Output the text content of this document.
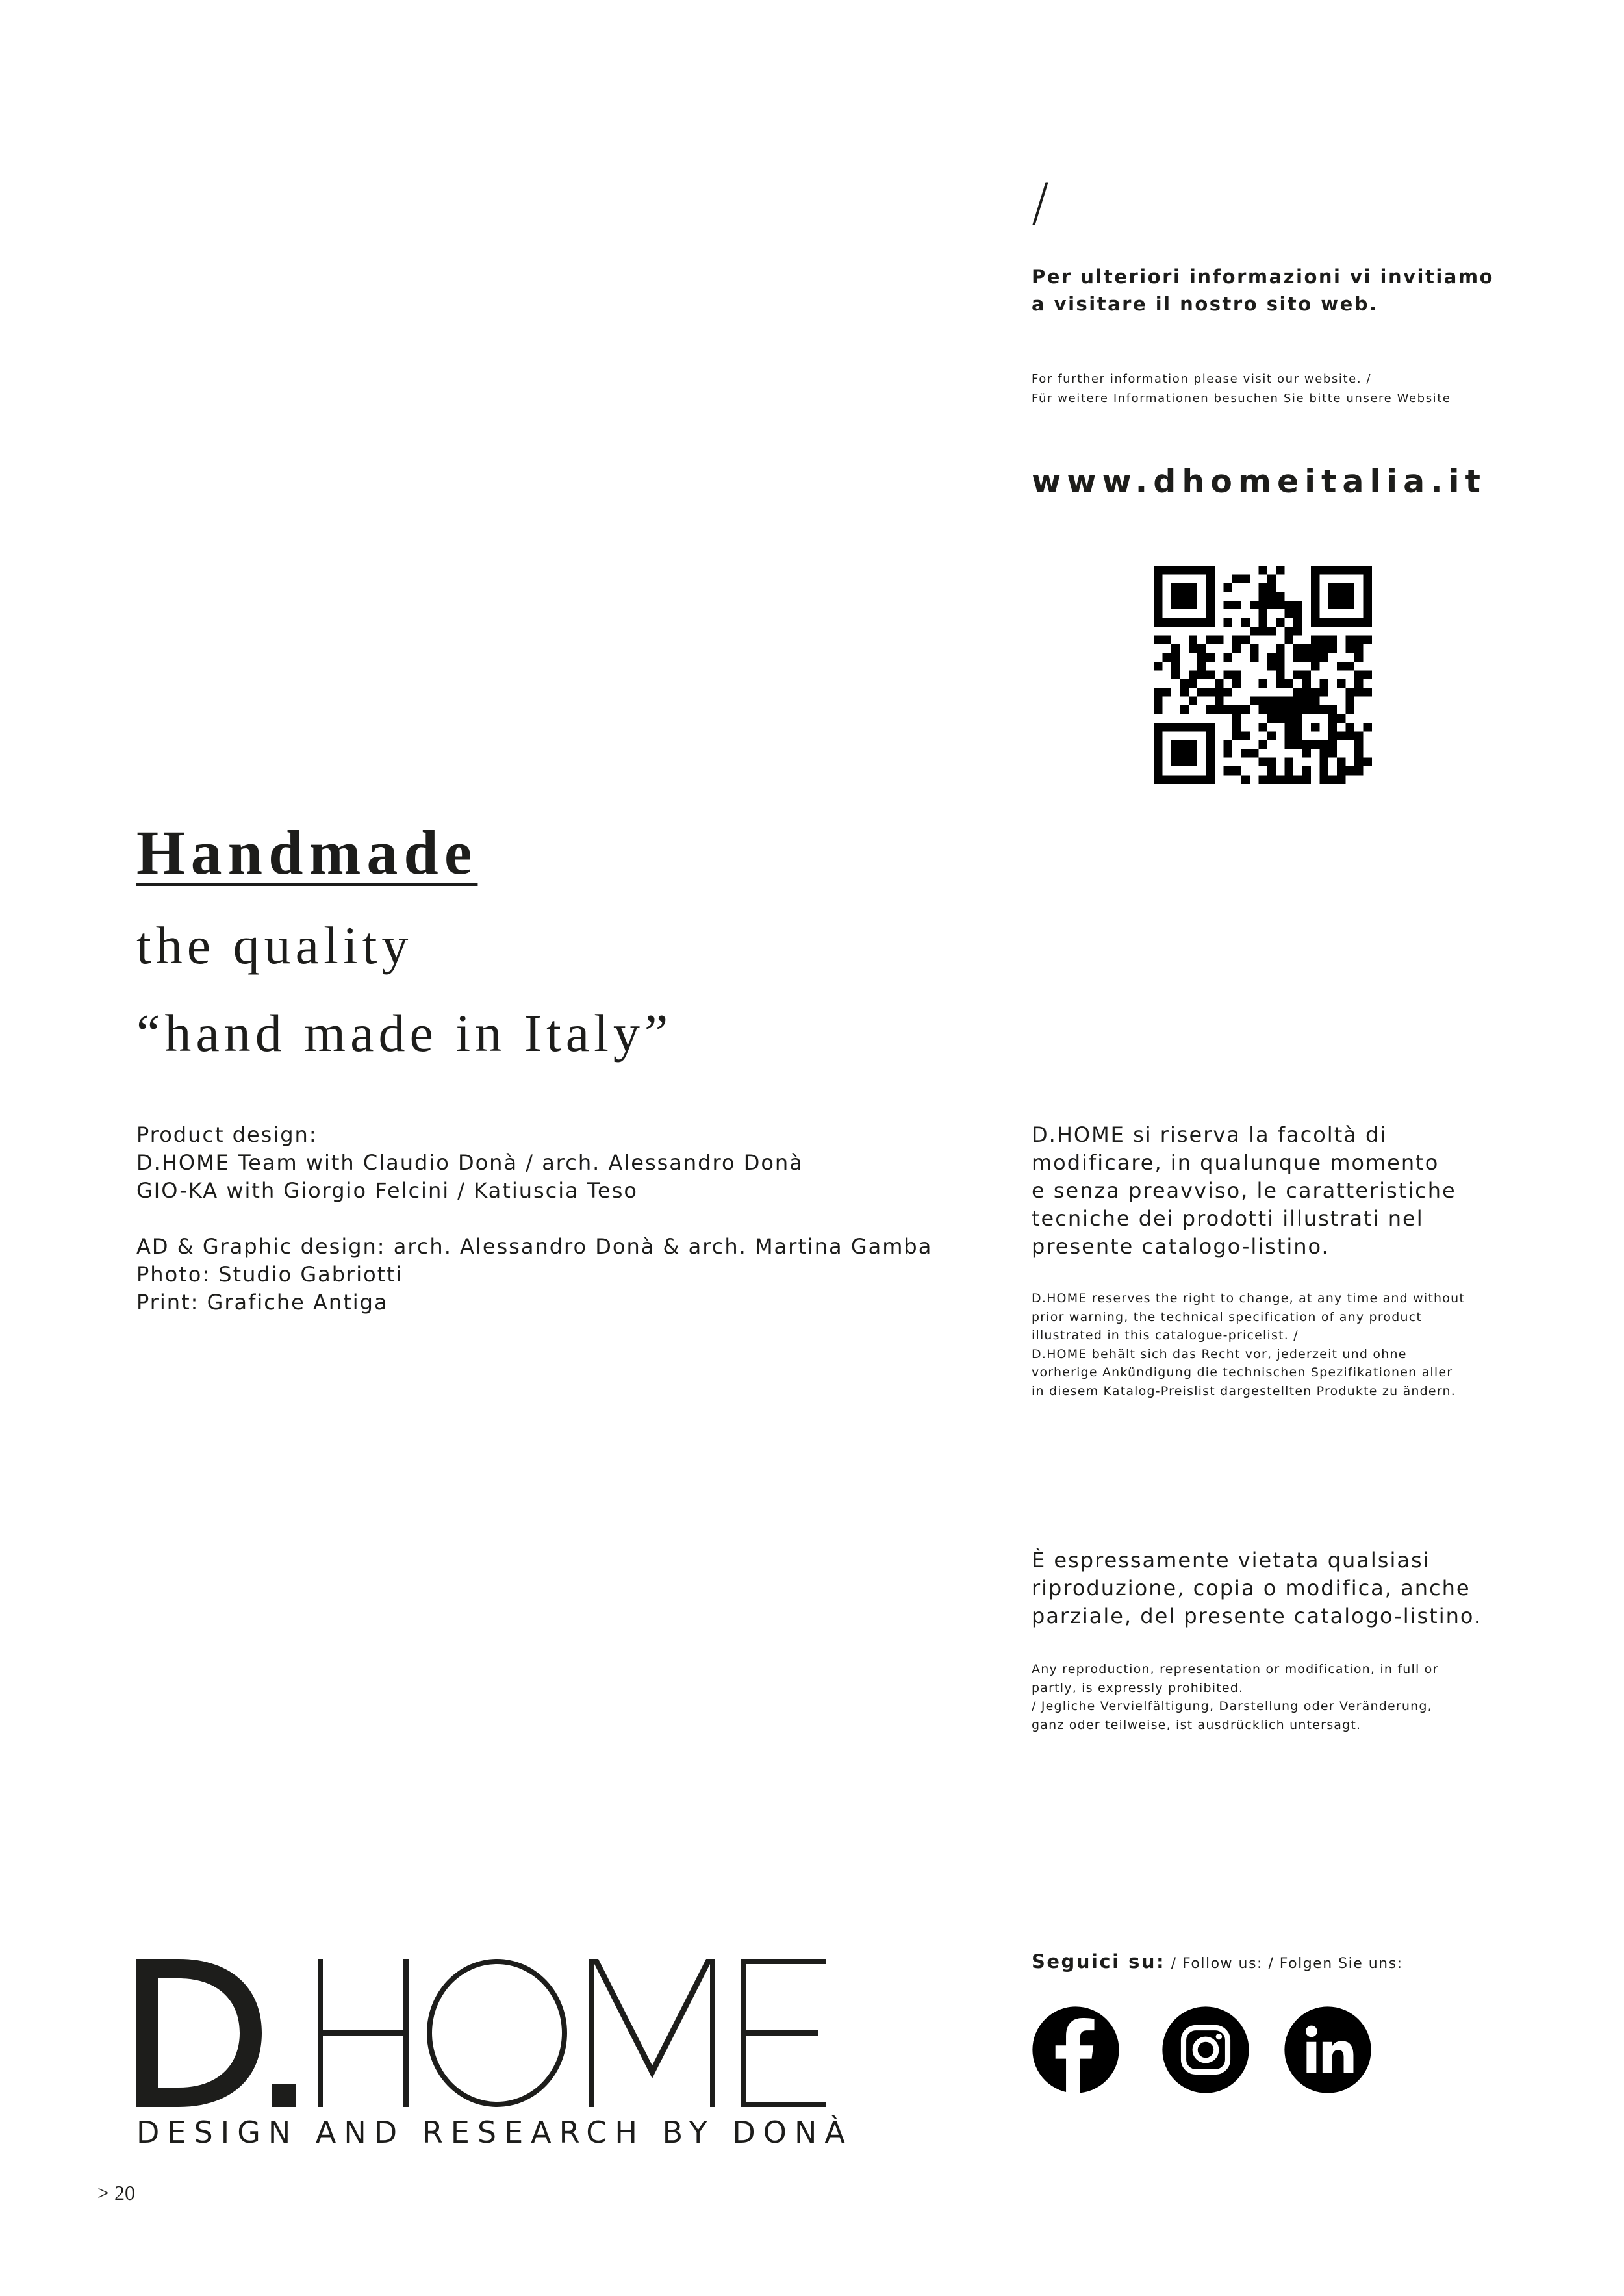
/
Per ulteriori informazioni vi invitiamo
a visitare il nostro sito web.
For further information please visit our website. /
Für weitere Informationen besuchen Sie bitte unsere Website
www.dhomeitalia.it
Handmade
the quality
“hand made in Italy”
Product design:
D.HOME Team with Claudio Donà / arch. Alessandro Donà
GIO-KA with Giorgio Felcini / Katiuscia Teso
AD & Graphic design: arch. Alessandro Donà & arch. Martina Gamba
Photo: Studio Gabriotti
Print: Grafiche Antiga
D.HOME si riserva la facoltà di
modificare, in qualunque momento
e senza preavviso, le caratteristiche
tecniche dei prodotti illustrati nel
presente catalogo-listino.
D.HOME reserves the right to change, at any time and without
prior warning, the technical specification of any product
illustrated in this catalogue-pricelist. /
D.HOME behält sich das Recht vor, jederzeit und ohne
vorherige Ankündigung die technischen Spezifikationen aller
in diesem Katalog-Preislist dargestellten Produkte zu ändern.
È espressamente vietata qualsiasi
riproduzione, copia o modifica, anche
parziale, del presente catalogo-listino.
Any reproduction, representation or modification, in full or
partly, is expressly prohibited.
/ Jegliche Vervielfältigung, Darstellung oder Veränderung,
ganz oder teilweise, ist ausdrücklich untersagt.
DESIGN AND RESEARCH BY DONÀ
Seguici su: / Follow us: / Folgen Sie uns:
> 20
